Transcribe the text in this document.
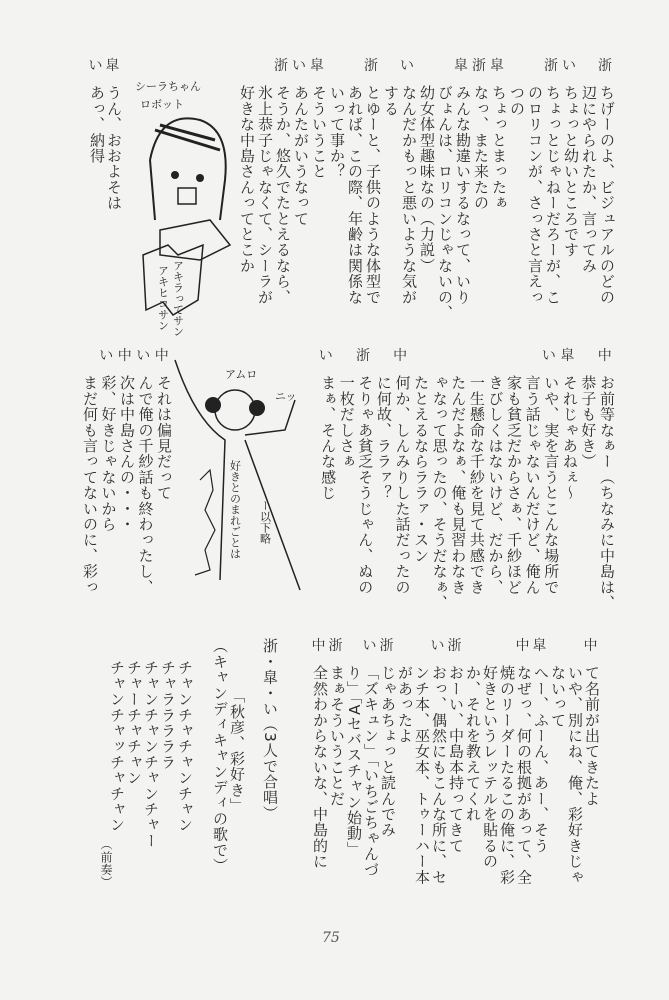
浙
ちげーのよ、ビジュアルのどの
辺にやられたか、言ってみ
い
ちょっと幼いところです
浙
ちょっとじゃねーだろーが、こ
のロリコンが、さっさと言えっ
つの
皐
ちょっとまったぁ
浙
なっ、また来たの
皐
みんな勘違いするなって、いり
びょんは、ロリコンじゃないの、
幼女体型趣味なの（力説）
い
なんだかもっと悪いような気が
する
浙
とゆーと、子供のような体型で
あれば、この際、年齢は関係な
いって事か？
皐
そういうこと
い
あんたがいうなって
浙
そうか、悠久でたとえるなら、
氷上恭子じゃなくて、シーラが
好きな中島さんってとこか
皐
うん、おおよそは
い
あっ、納得
中
お前等なぁー（ちなみに中島は、
恭子も好き）
皐
それじゃあねぇ〜
い
いや、実を言うとこんな場所で
言う話じゃないんだけど、俺ん
家も貧乏だからさぁ、千紗ほど
きびしくはないけど、だから、
一生懸命な千紗を見て共感でき
たんだよなぁ、俺も見習わなき
ゃなって思ったの、そうだなぁ、
たとえるならララァ・スン
中
何か、しんみりした話だったの
に何故、ララァ？
浙
そりゃあ貧乏そうじゃん、ぬの
一枚だしさぁ
い
まぁ、そんな感じ
中
それは偏見だって
い
んで俺の千紗話も終わったし、
中
次は中島さんの・・・
い
彩、好きじゃないから
まだ何も言ってないのに、彩っ
中
て名前が出てきたよ
いや、別にね、俺、彩好きじゃ
ないって
皐
へー、ふーん、あー、そう
中
なぜっ、何の根拠があって、全
焼のリーダーたるこの俺に、彩
好きというレッテルを貼るの
か、それを教えてくれ
浙
おーい、中島本持ってきて
い
おっ、偶然にもこんな所に、セ
ンチ本、巫女本、トゥーハー本
があったよ
浙
じゃあちょっと読んでみ
い
「ズキュン」「いちごちゃんづ
り」「∀セバスチャン始動」
浙
まぁそういうことだ
中
全然わからないな、中島的に
浙・皐・い（3人で合唱）
「秋彦、彩好き」
（キャンディキャンディの歌で）
チャンチャチャンチャン
チャラララララ
チャンチャンチャンチャー
チャーチャチャン
チャンチャッチャチャン
（前奏）
シーラちゃん
ロボット
アキラってサン
アキヒコサン
アムロ
ニッ
好きとのまれごとは ー以下略
75
